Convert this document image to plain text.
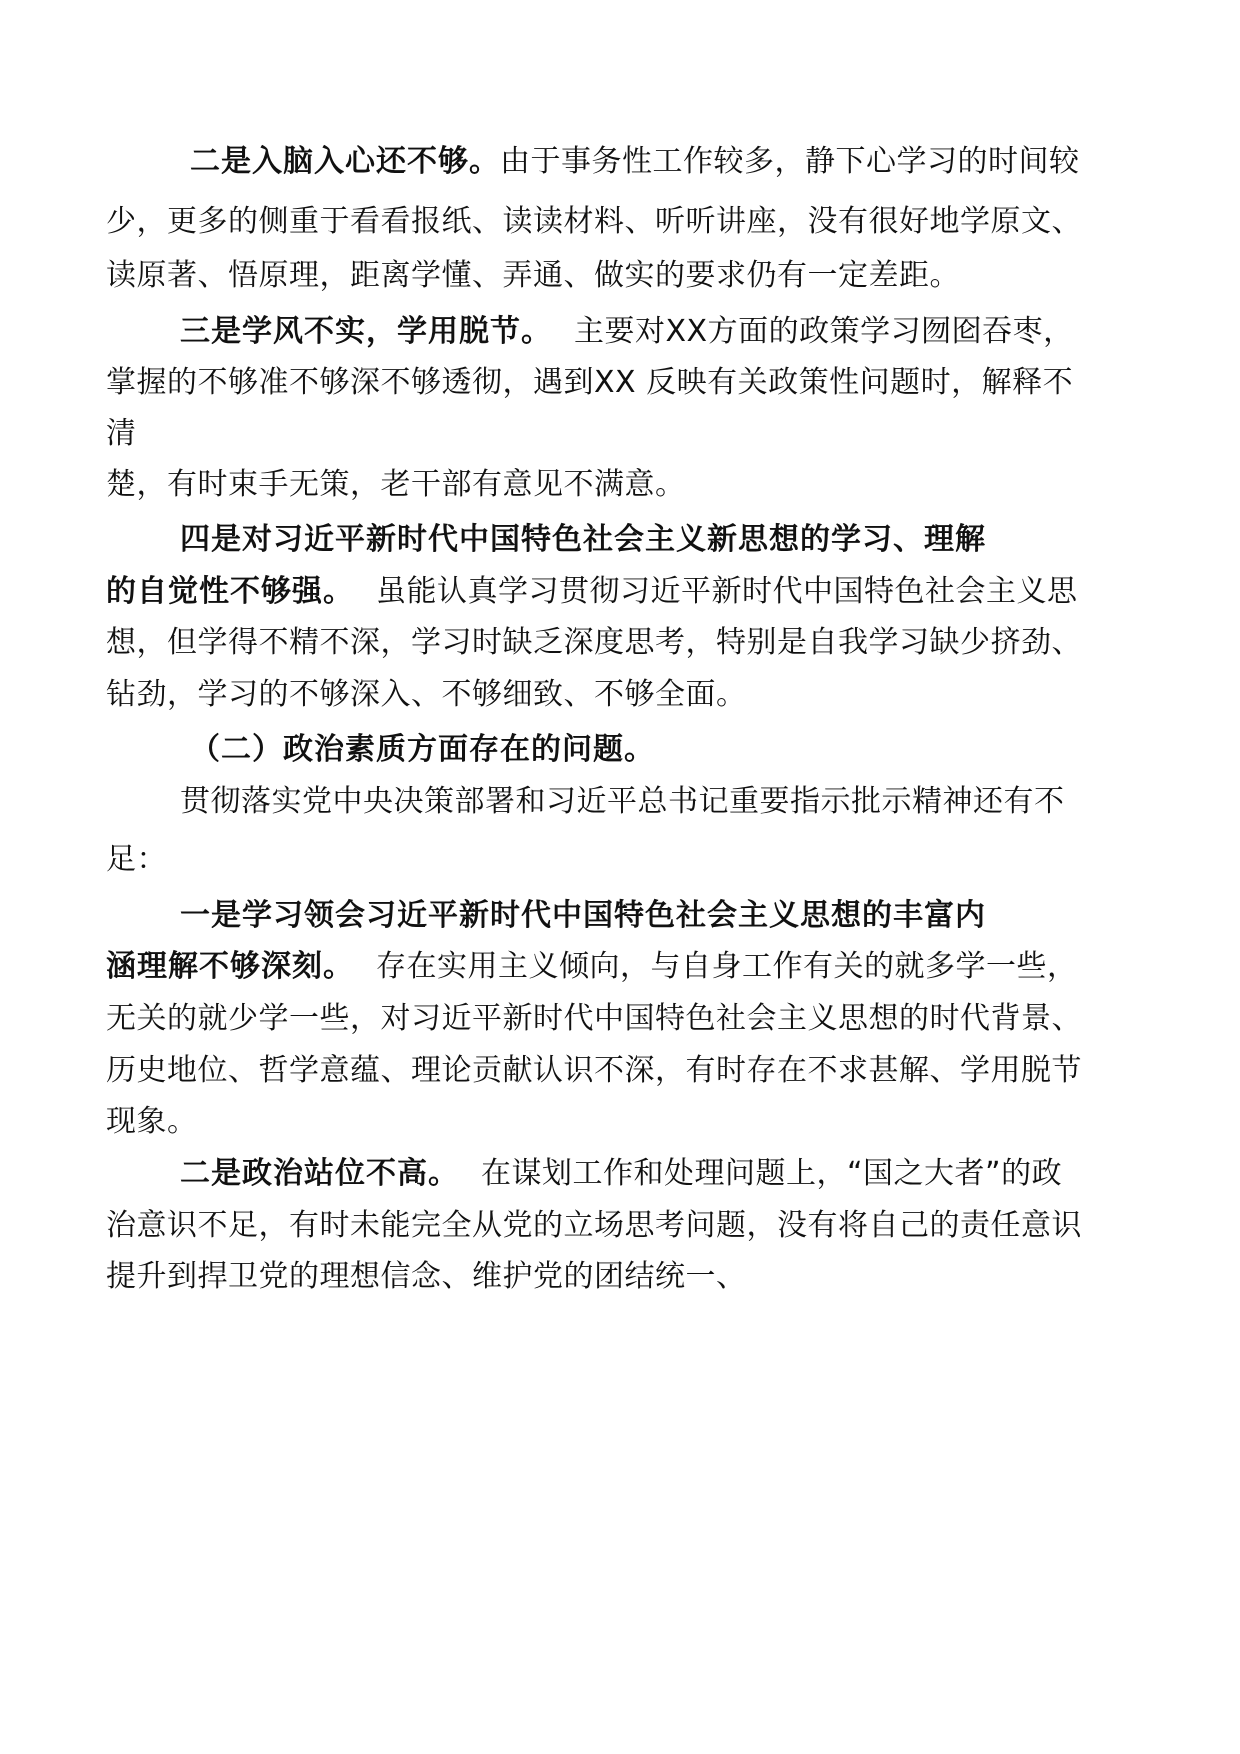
二是入脑入心还不够。由于事务性工作较多，静下心学习的时间较
少，更多的侧重于看看报纸、读读材料、听听讲座，没有很好地学原文、
读原著、悟原理，距离学懂、弄通、做实的要求仍有一定差距。
三是学风不实，学用脱节。 主要对XX方面的政策学习囫囵吞枣，
掌握的不够准不够深不够透彻，遇到XX 反映有关政策性问题时，解释不
清
楚，有时束手无策，老干部有意见不满意。
四是对习近平新时代中国特色社会主义新思想的学习、理解
的自觉性不够强。 虽能认真学习贯彻习近平新时代中国特色社会主义思
想，但学得不精不深，学习时缺乏深度思考，特别是自我学习缺少挤劲、
钻劲，学习的不够深入、不够细致、不够全面。
（二）政治素质方面存在的问题。
贯彻落实党中央决策部署和习近平总书记重要指示批示精神还有不
足：
一是学习领会习近平新时代中国特色社会主义思想的丰富内
涵理解不够深刻。 存在实用主义倾向，与自身工作有关的就多学一些，
无关的就少学一些，对习近平新时代中国特色社会主义思想的时代背景、
历史地位、哲学意蕴、理论贡献认识不深，有时存在不求甚解、学用脱节
现象。
二是政治站位不高。 在谋划工作和处理问题上，“国之大者”的政
治意识不足，有时未能完全从党的立场思考问题，没有将自己的责任意识
提升到捍卫党的理想信念、维护党的团结统一、
